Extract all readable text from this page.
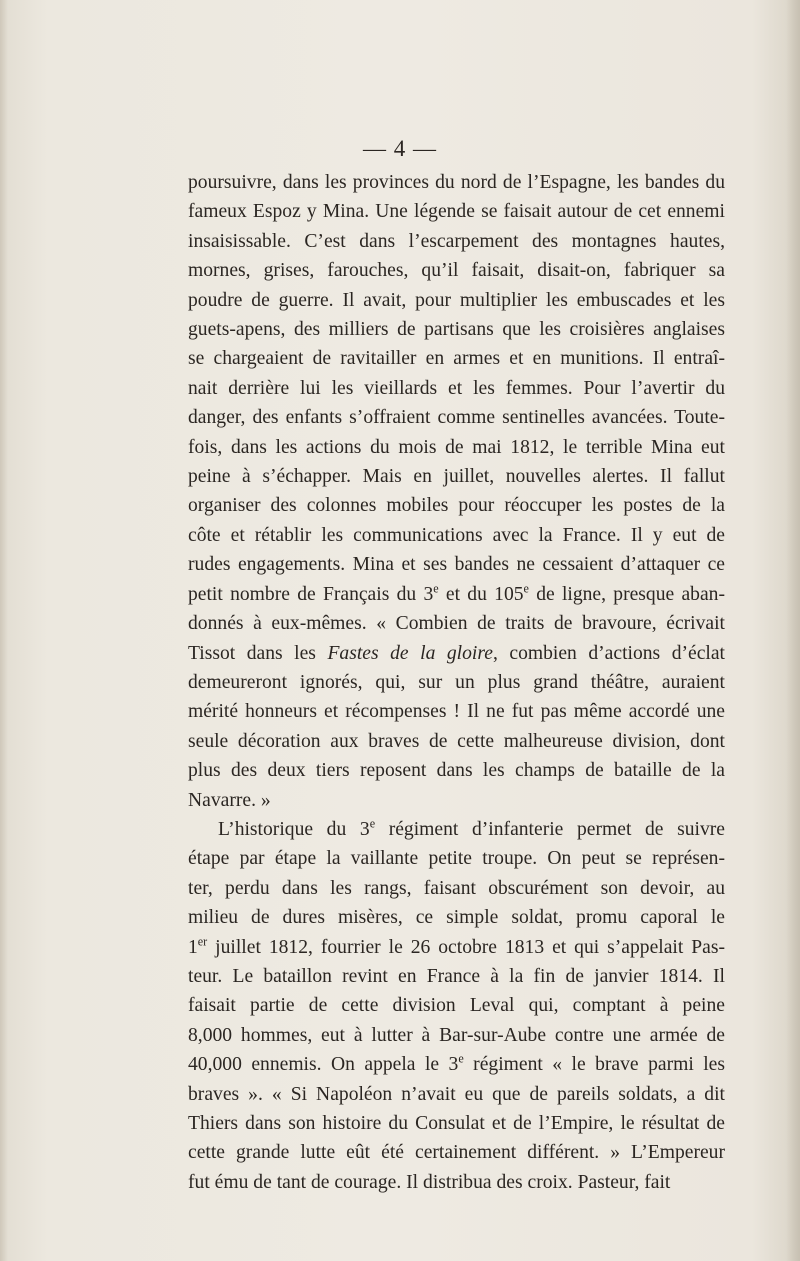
— 4 —
poursuivre, dans les provinces du nord de l’Espagne, les bandes du
fameux Espoz y Mina. Une légende se faisait autour de cet ennemi
insaisissable. C’est dans l’escarpement des montagnes hautes,
mornes, grises, farouches, qu’il faisait, disait-on, fabriquer sa
poudre de guerre. Il avait, pour multiplier les embuscades et les
guets-apens, des milliers de partisans que les croisières anglaises
se chargeaient de ravitailler en armes et en munitions. Il entraî-
nait derrière lui les vieillards et les femmes. Pour l’avertir du
danger, des enfants s’offraient comme sentinelles avancées. Toute-
fois, dans les actions du mois de mai 1812, le terrible Mina eut
peine à s’échapper. Mais en juillet, nouvelles alertes. Il fallut
organiser des colonnes mobiles pour réoccuper les postes de la
côte et rétablir les communications avec la France. Il y eut de
rudes engagements. Mina et ses bandes ne cessaient d’attaquer ce
petit nombre de Français du 3e et du 105e de ligne, presque aban-
donnés à eux-mêmes. « Combien de traits de bravoure, écrivait
Tissot dans les Fastes de la gloire, combien d’actions d’éclat
demeureront ignorés, qui, sur un plus grand théâtre, auraient
mérité honneurs et récompenses ! Il ne fut pas même accordé une
seule décoration aux braves de cette malheureuse division, dont
plus des deux tiers reposent dans les champs de bataille de la
Navarre. »
L’historique du 3e régiment d’infanterie permet de suivre
étape par étape la vaillante petite troupe. On peut se représen-
ter, perdu dans les rangs, faisant obscurément son devoir, au
milieu de dures misères, ce simple soldat, promu caporal le
1er juillet 1812, fourrier le 26 octobre 1813 et qui s’appelait Pas-
teur. Le bataillon revint en France à la fin de janvier 1814. Il
faisait partie de cette division Leval qui, comptant à peine
8,000 hommes, eut à lutter à Bar-sur-Aube contre une armée de
40,000 ennemis. On appela le 3e régiment « le brave parmi les
braves ». « Si Napoléon n’avait eu que de pareils soldats, a dit
Thiers dans son histoire du Consulat et de l’Empire, le résultat de
cette grande lutte eût été certainement différent. » L’Empereur
fut ému de tant de courage. Il distribua des croix. Pasteur, fait
